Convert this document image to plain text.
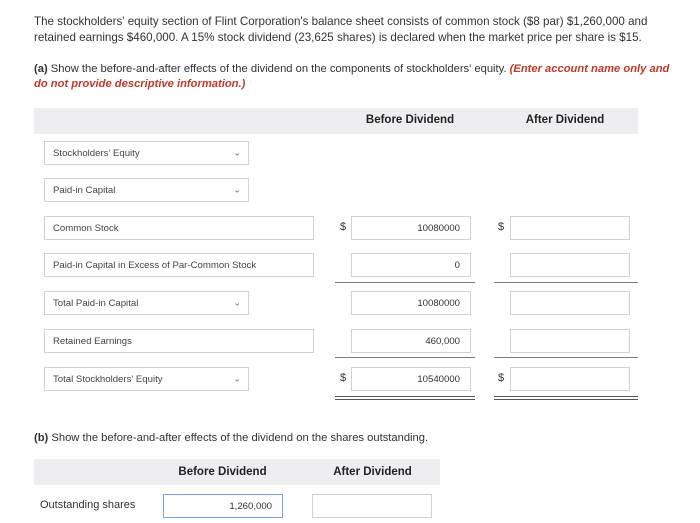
The stockholders' equity section of Flint Corporation's balance sheet consists of common stock ($8 par) $1,260,000 and retained earnings $460,000. A 15% stock dividend (23,625 shares) is declared when the market price per share is $15.
(a) Show the before-and-after effects of the dividend on the components of stockholders' equity. (Enter account name only and do not provide descriptive information.)
Before Dividend	After Dividend
Stockholders' Equity	⌄
Paid-in Capital	⌄
Common Stock	$	10080000	$
Paid-in Capital in Excess of Par-Common Stock	0
Total Paid-in Capital	⌄	10080000
Retained Earnings	460,000
Total Stockholders' Equity	⌄	$	10540000	$
(b) Show the before-and-after effects of the dividend on the shares outstanding.
Before Dividend	After Dividend
Outstanding shares	1,260,000
